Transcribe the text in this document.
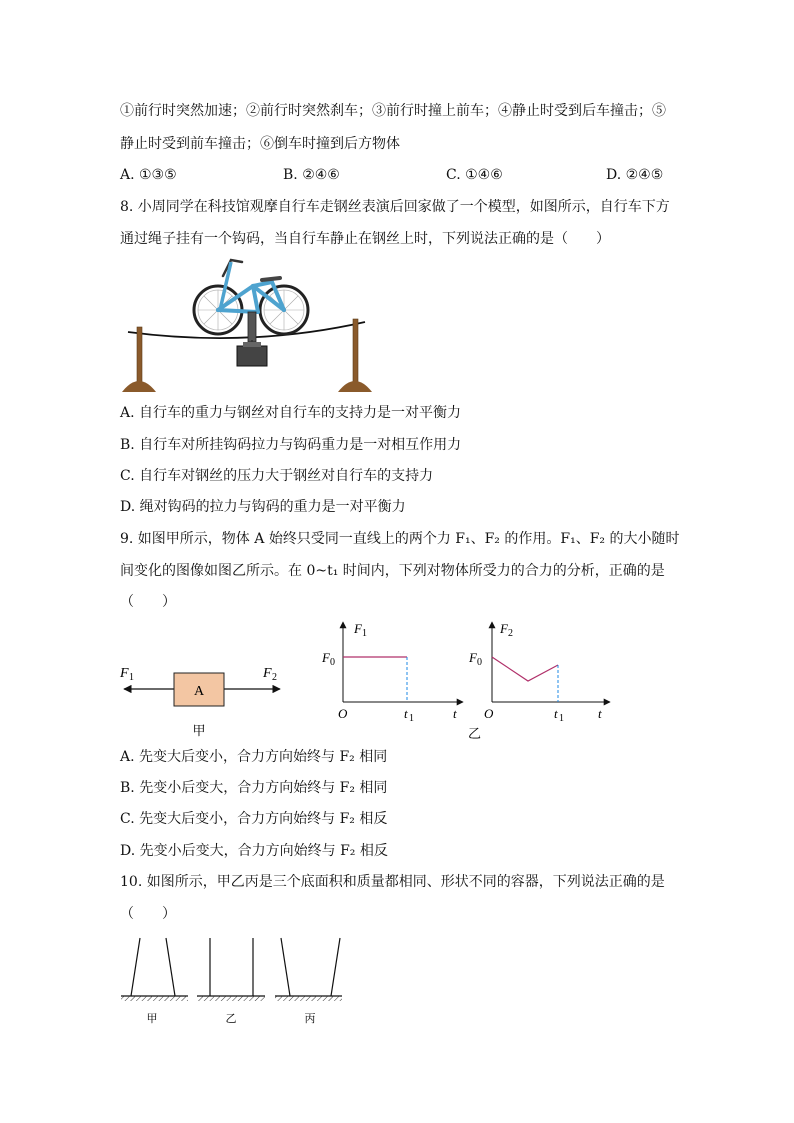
①前行时突然加速；②前行时突然刹车；③前行时撞上前车；④静止时受到后车撞击；⑤
静止时受到前车撞击；⑥倒车时撞到后方物体
A. ①③⑤	B. ②④⑥	C. ①④⑥	D. ②④⑤
8. 小周同学在科技馆观摩自行车走钢丝表演后回家做了一个模型，如图所示，自行车下方
通过绳子挂有一个钩码，当自行车静止在钢丝上时，下列说法正确的是（　　）
A. 自行车的重力与钢丝对自行车的支持力是一对平衡力
B. 自行车对所挂钩码拉力与钩码重力是一对相互作用力
C. 自行车对钢丝的压力大于钢丝对自行车的支持力
D. 绳对钩码的拉力与钩码的重力是一对平衡力
9. 如图甲所示，物体 A 始终只受同一直线上的两个力 F₁、F₂ 的作用。F₁、F₂ 的大小随时
间变化的图像如图乙所示。在 0~t₁ 时间内，下列对物体所受力的合力的分析，正确的是
（　　）
A
F 1	F 2
甲
F 1
F 0
O	t 1	t
F 2
F 0
O	t 1	t
乙
A. 先变大后变小，合力方向始终与 F₂ 相同
B. 先变小后变大，合力方向始终与 F₂ 相同
C. 先变大后变小，合力方向始终与 F₂ 相反
D. 先变小后变大，合力方向始终与 F₂ 相反
10. 如图所示，甲乙丙是三个底面积和质量都相同、形状不同的容器，下列说法正确的是
（　　）
甲	乙	丙
